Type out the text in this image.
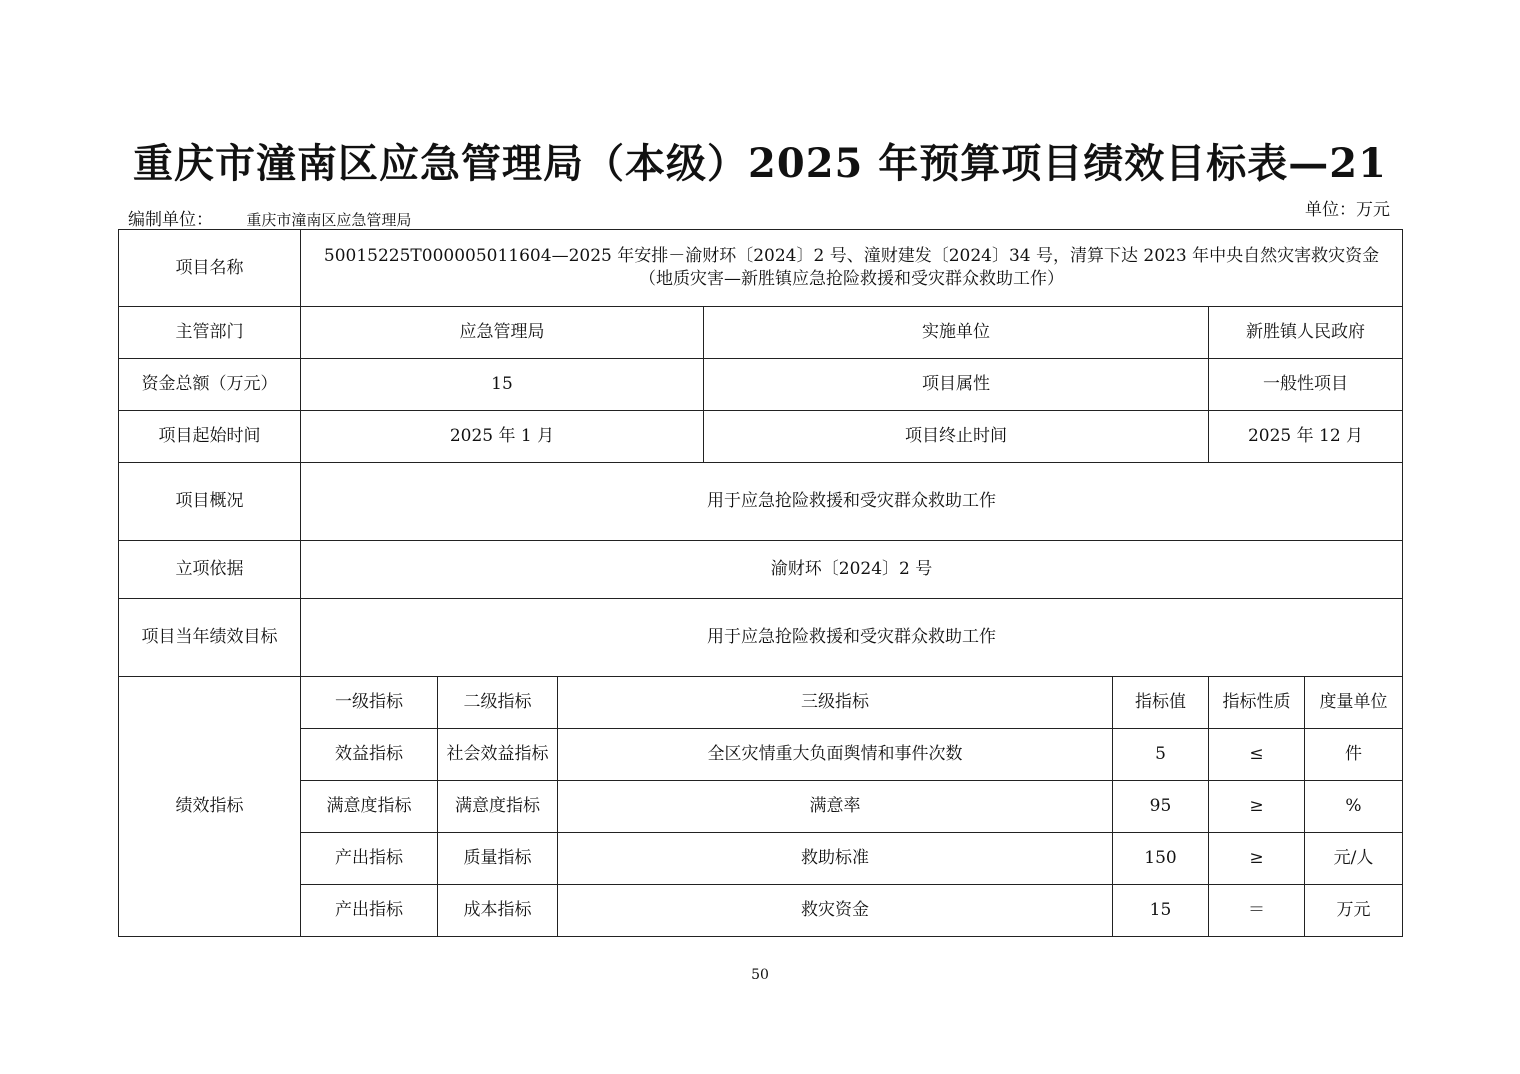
重庆市潼南区应急管理局（本级）2025 年预算项目绩效目标表—21
编制单位： 重庆市潼南区应急管理局	单位：万元
项目名称	50015225T000005011604—2025 年安排－渝财环〔2024〕2 号、潼财建发〔2024〕34 号，清算下达 2023 年中央自然灾害救灾资金（地质灾害—新胜镇应急抢险救援和受灾群众救助工作）						
主管部门	应急管理局			实施单位		新胜镇人民政府	
资金总额（万元）	15			项目属性		一般性项目	
项目起始时间	2025 年 1 月			项目终止时间		2025 年 12 月	
项目概况	用于应急抢险救援和受灾群众救助工作						
立项依据	渝财环〔2024〕2 号						
项目当年绩效目标	用于应急抢险救援和受灾群众救助工作						
绩效指标	一级指标	二级指标	三级指标		指标值	指标性质	度量单位
	效益指标	社会效益指标	全区灾情重大负面舆情和事件次数		5	≤	件
	满意度指标	满意度指标	满意率		95	≥	%
	产出指标	质量指标	救助标准		150	≥	元/人
	产出指标	成本指标	救灾资金		15	＝	万元
50
